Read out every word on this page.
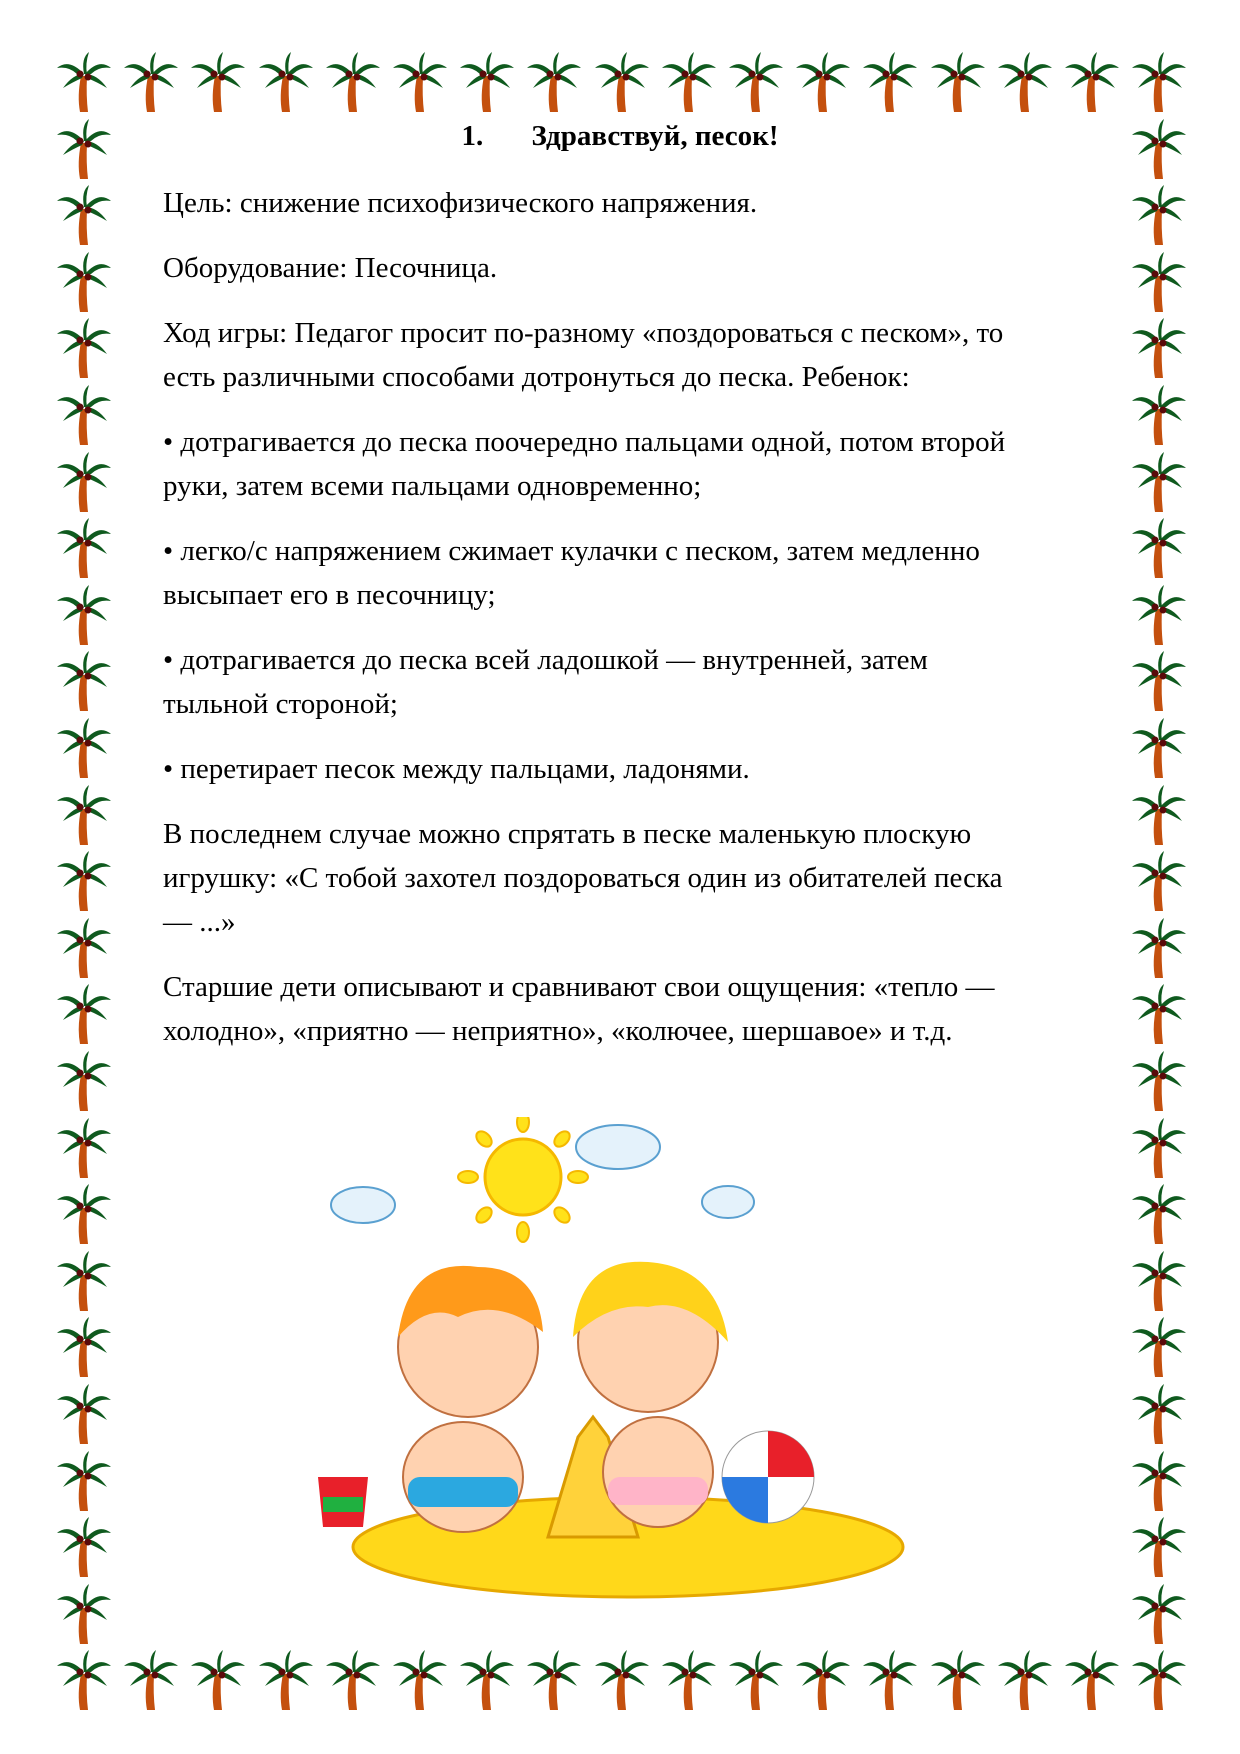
1. Здравствуй, песок!
Цель: снижение психофизического напряжения.
Оборудование: Песочница.
Ход игры: Педагог просит по-разному «поздороваться с песком», то
есть различными способами дотронуться до песка. Ребенок:
• дотрагивается до песка поочередно пальцами одной, потом второй
руки, затем всеми пальцами одновременно;
• легко/с напряжением сжимает кулачки с песком, затем медленно
высыпает его в песочницу;
• дотрагивается до песка всей ладошкой — внутренней, затем
тыльной стороной;
• перетирает песок между пальцами, ладонями.
В последнем случае можно спрятать в песке маленькую плоскую
игрушку: «С тобой захотел поздороваться один из обитателей песка
— ...»
Старшие дети описывают и сравнивают свои ощущения: «тепло —
холодно», «приятно — неприятно», «колючее, шершавое» и т.д.
